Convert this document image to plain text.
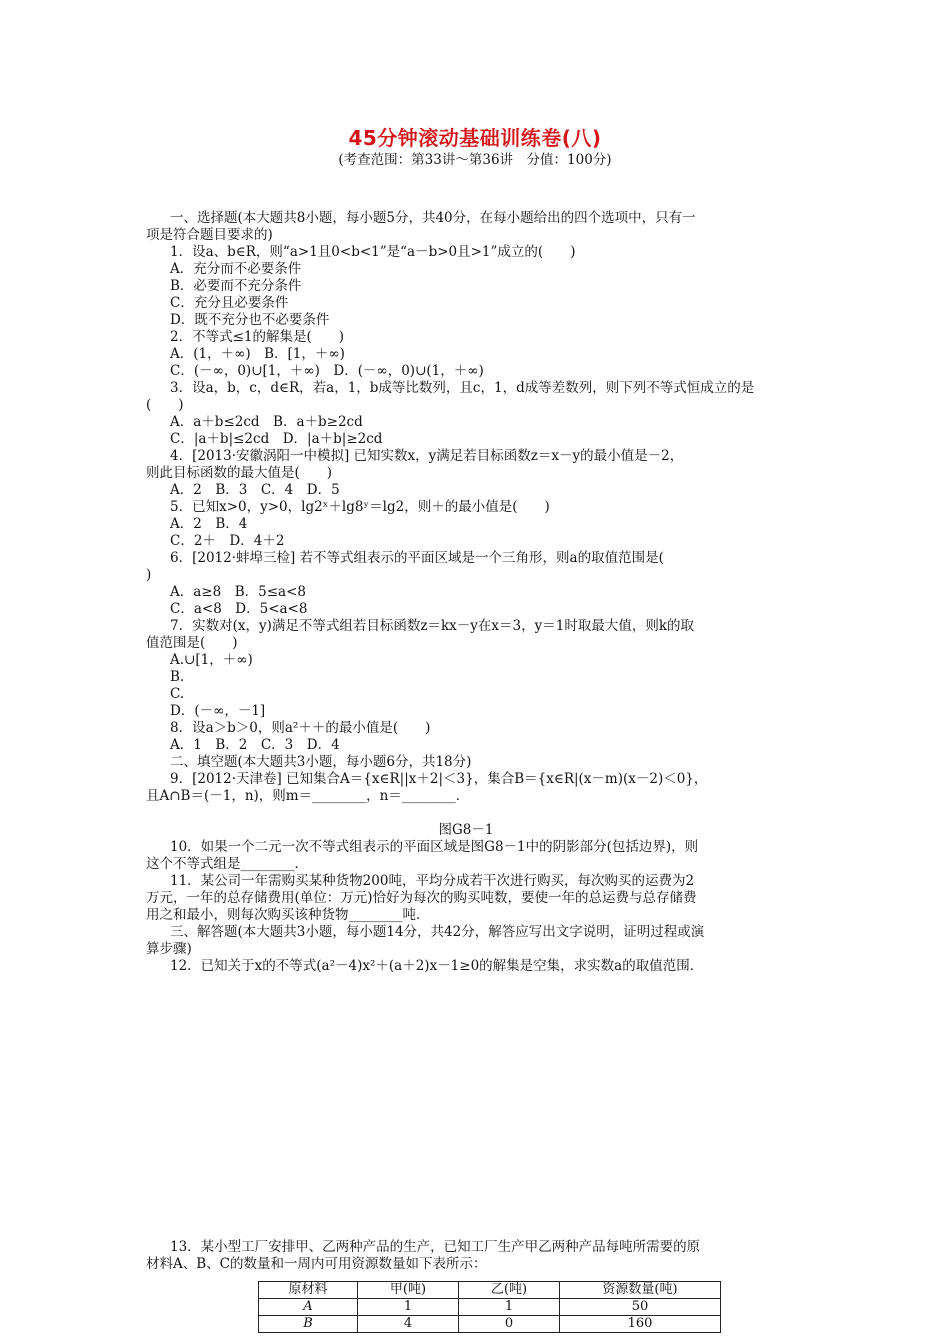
45分钟滚动基础训练卷(八)
(考查范围：第33讲～第36讲　分值：100分)
一、选择题(本大题共8小题，每小题5分，共40分，在每小题给出的四个选项中，只有一
项是符合题目要求的)
1．设a、b∈R，则“a>1且0<b<1”是“a－b>0且>1”成立的(　　)
A．充分而不必要条件
B．必要而不充分条件
C．充分且必要条件
D．既不充分也不必要条件
2．不等式≤1的解集是(　　)
A．(1，＋∞)　B．[1，＋∞)
C．(－∞，0)∪[1，＋∞)　D．(－∞，0)∪(1，＋∞)
3．设a，b，c，d∈R，若a，1，b成等比数列，且c，1，d成等差数列，则下列不等式恒成立的是
(　　)
A．a＋b≤2cd　B．a＋b≥2cd
C．|a＋b|≤2cd　D．|a＋b|≥2cd
4．[2013·安徽涡阳一中模拟] 已知实数x，y满足若目标函数z＝x－y的最小值是－2，
则此目标函数的最大值是(　　)
A．2　B．3　C．4　D．5
5．已知x>0，y>0，lg2ˣ＋lg8ʸ＝lg2，则＋的最小值是(　　)
A．2　B．4
C．2＋　D．4＋2
6．[2012·蚌埠三检] 若不等式组表示的平面区域是一个三角形，则a的取值范围是(
)
A．a≥8　B．5≤a<8
C．a<8　D．5<a<8
7．实数对(x，y)满足不等式组若目标函数z＝kx－y在x＝3，y＝1时取最大值，则k的取
值范围是(　　)
A.∪[1，＋∞)
B.
C.
D．(－∞，－1]
8．设a＞b＞0，则a²＋＋的最小值是(　　)
A．1　B．2　C．3　D．4
二、填空题(本大题共3小题，每小题6分，共18分)
9．[2012·天津卷] 已知集合A＝{x∈R||x＋2|＜3}，集合B＝{x∈R|(x－m)(x－2)＜0}，
且A∩B＝(－1，n)，则m＝________，n＝________．
图G8－1
10．如果一个二元一次不等式组表示的平面区域是图G8－1中的阴影部分(包括边界)，则
这个不等式组是________．
11．某公司一年需购买某种货物200吨，平均分成若干次进行购买，每次购买的运费为2
万元，一年的总存储费用(单位：万元)恰好为每次的购买吨数，要使一年的总运费与总存储费
用之和最小，则每次购买该种货物________吨．
三、解答题(本大题共3小题，每小题14分，共42分，解答应写出文字说明，证明过程或演
算步骤)
12．已知关于x的不等式(a²－4)x²＋(a＋2)x－1≥0的解集是空集，求实数a的取值范围．
13．某小型工厂安排甲、乙两种产品的生产，已知工厂生产甲乙两种产品每吨所需要的原
材料A、B、C的数量和一周内可用资源数量如下表所示：
原材料	甲(吨)	乙(吨)	资源数量(吨)
A	1	1	50
B	4	0	160
